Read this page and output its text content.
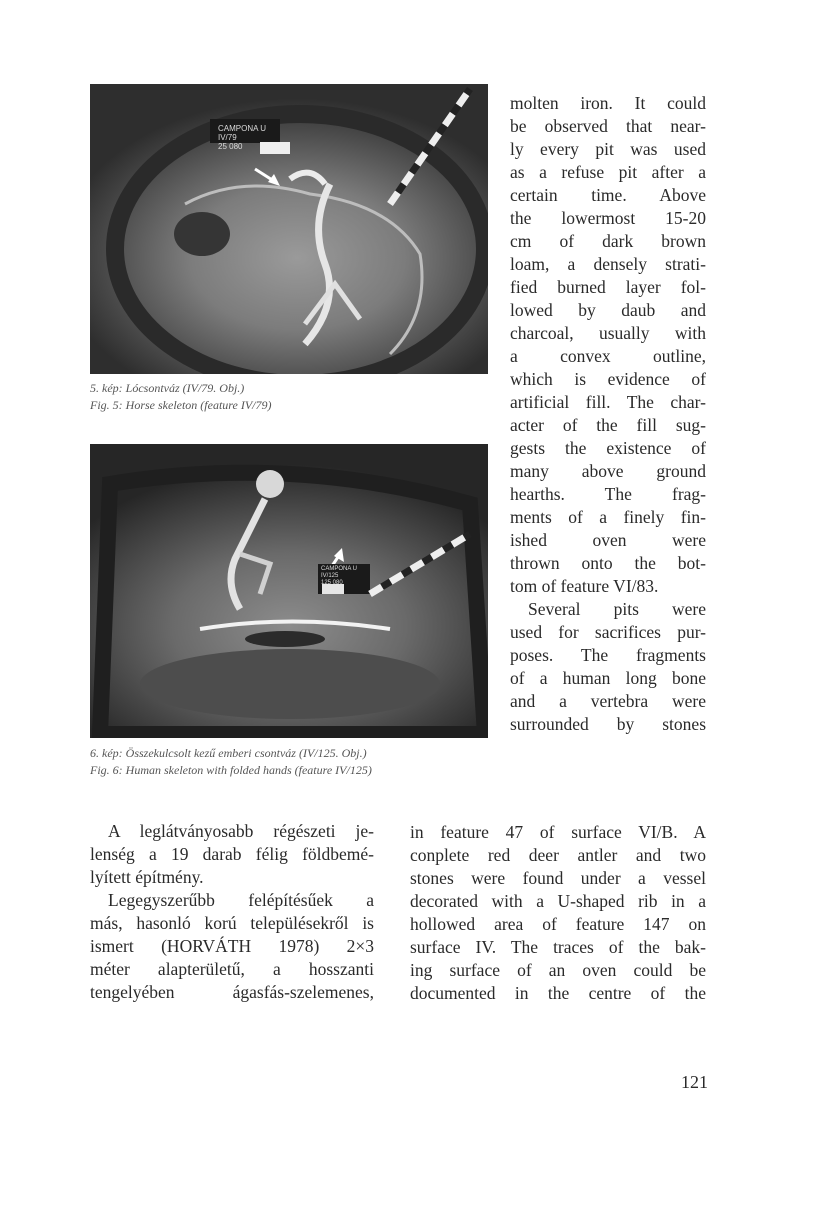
CAMPONA U
IV/79
25 080
5. kép: Lócsontváz (IV/79. Obj.)
Fig. 5: Horse skeleton (feature IV/79)
CAMPONA U
IV/125
125 080
6. kép: Összekulcsolt kezű emberi csontváz (IV/125. Obj.)
Fig. 6: Human skeleton with folded hands (feature IV/125)
molten iron. It could
be observed that near-
ly every pit was used
as a refuse pit after a
certain time. Above
the lowermost 15-20
cm of dark brown
loam, a densely strati-
fied burned layer fol-
lowed by daub and
charcoal, usually with
a convex outline,
which is evidence of
artificial fill. The char-
acter of the fill sug-
gests the existence of
many above ground
hearths. The frag-
ments of a finely fin-
ished oven were
thrown onto the bot-
tom of feature VI/83.
Several pits were
used for sacrifices pur-
poses. The fragments
of a human long bone
and a vertebra were
surrounded by stones
A leglátványosabb régészeti je-
lenség a 19 darab félig földbemé-
lyített építmény.
Legegyszerűbb felépítésűek a
más, hasonló korú településekről is
ismert (HORVÁTH 1978) 2×3
méter alapterületű, a hosszanti
tengelyében ágasfás-szelemenes,
in feature 47 of surface VI/B. A
conplete red deer antler and two
stones were found under a vessel
decorated with a U-shaped rib in a
hollowed area of feature 147 on
surface IV. The traces of the bak-
ing surface of an oven could be
documented in the centre of the
121
